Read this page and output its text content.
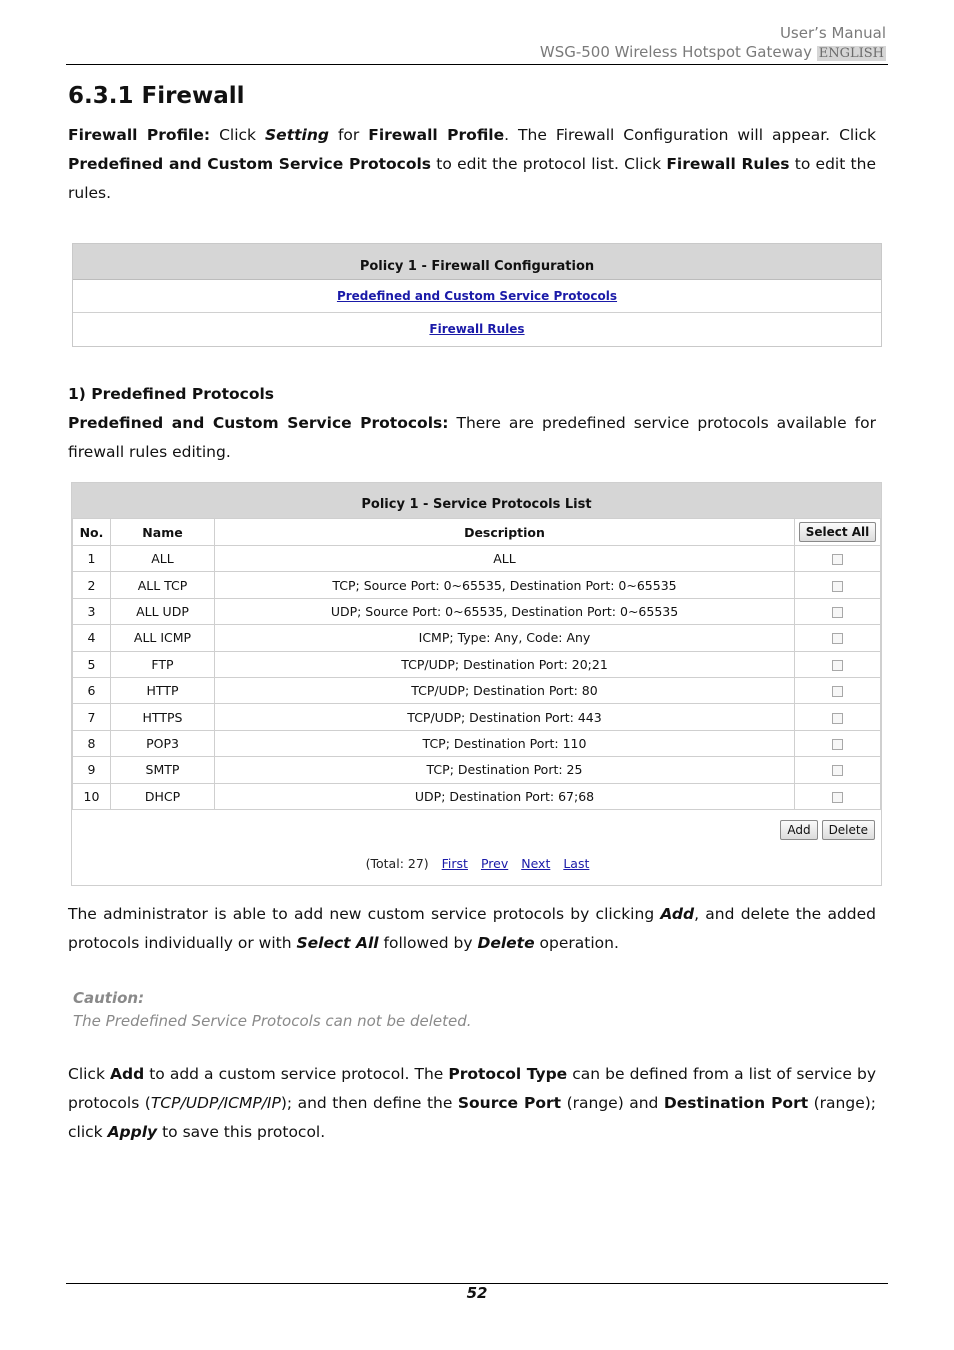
User’s Manual
WSG-500 Wireless Hotspot Gateway ENGLISH
6.3.1 Firewall
Firewall Profile: Click Setting for Firewall Profile. The Firewall Configuration will appear. Click Predefined and Custom Service Protocols to edit the protocol list. Click Firewall Rules to edit the rules.
Policy 1 - Firewall Configuration
Predefined and Custom Service Protocols
Firewall Rules
1) Predefined Protocols
Predefined and Custom Service Protocols: There are predefined service protocols available for firewall rules editing.
Policy 1 - Service Protocols List
No.	Name	Description	Select All
1	ALL	ALL	
2	ALL TCP	TCP; Source Port: 0~65535, Destination Port: 0~65535	
3	ALL UDP	UDP; Source Port: 0~65535, Destination Port: 0~65535	
4	ALL ICMP	ICMP; Type: Any, Code: Any	
5	FTP	TCP/UDP; Destination Port: 20;21	
6	HTTP	TCP/UDP; Destination Port: 80	
7	HTTPS	TCP/UDP; Destination Port: 443	
8	POP3	TCP; Destination Port: 110	
9	SMTP	TCP; Destination Port: 25	
10	DHCP	UDP; Destination Port: 67;68	
Add Delete
(Total: 27) First Prev Next Last
The administrator is able to add new custom service protocols by clicking Add, and delete the added protocols individually or with Select All followed by Delete operation.
Caution:
The Predefined Service Protocols can not be deleted.
Click Add to add a custom service protocol. The Protocol Type can be defined from a list of service by protocols (TCP/UDP/ICMP/IP); and then define the Source Port (range) and Destination Port (range); click Apply to save this protocol.
52
